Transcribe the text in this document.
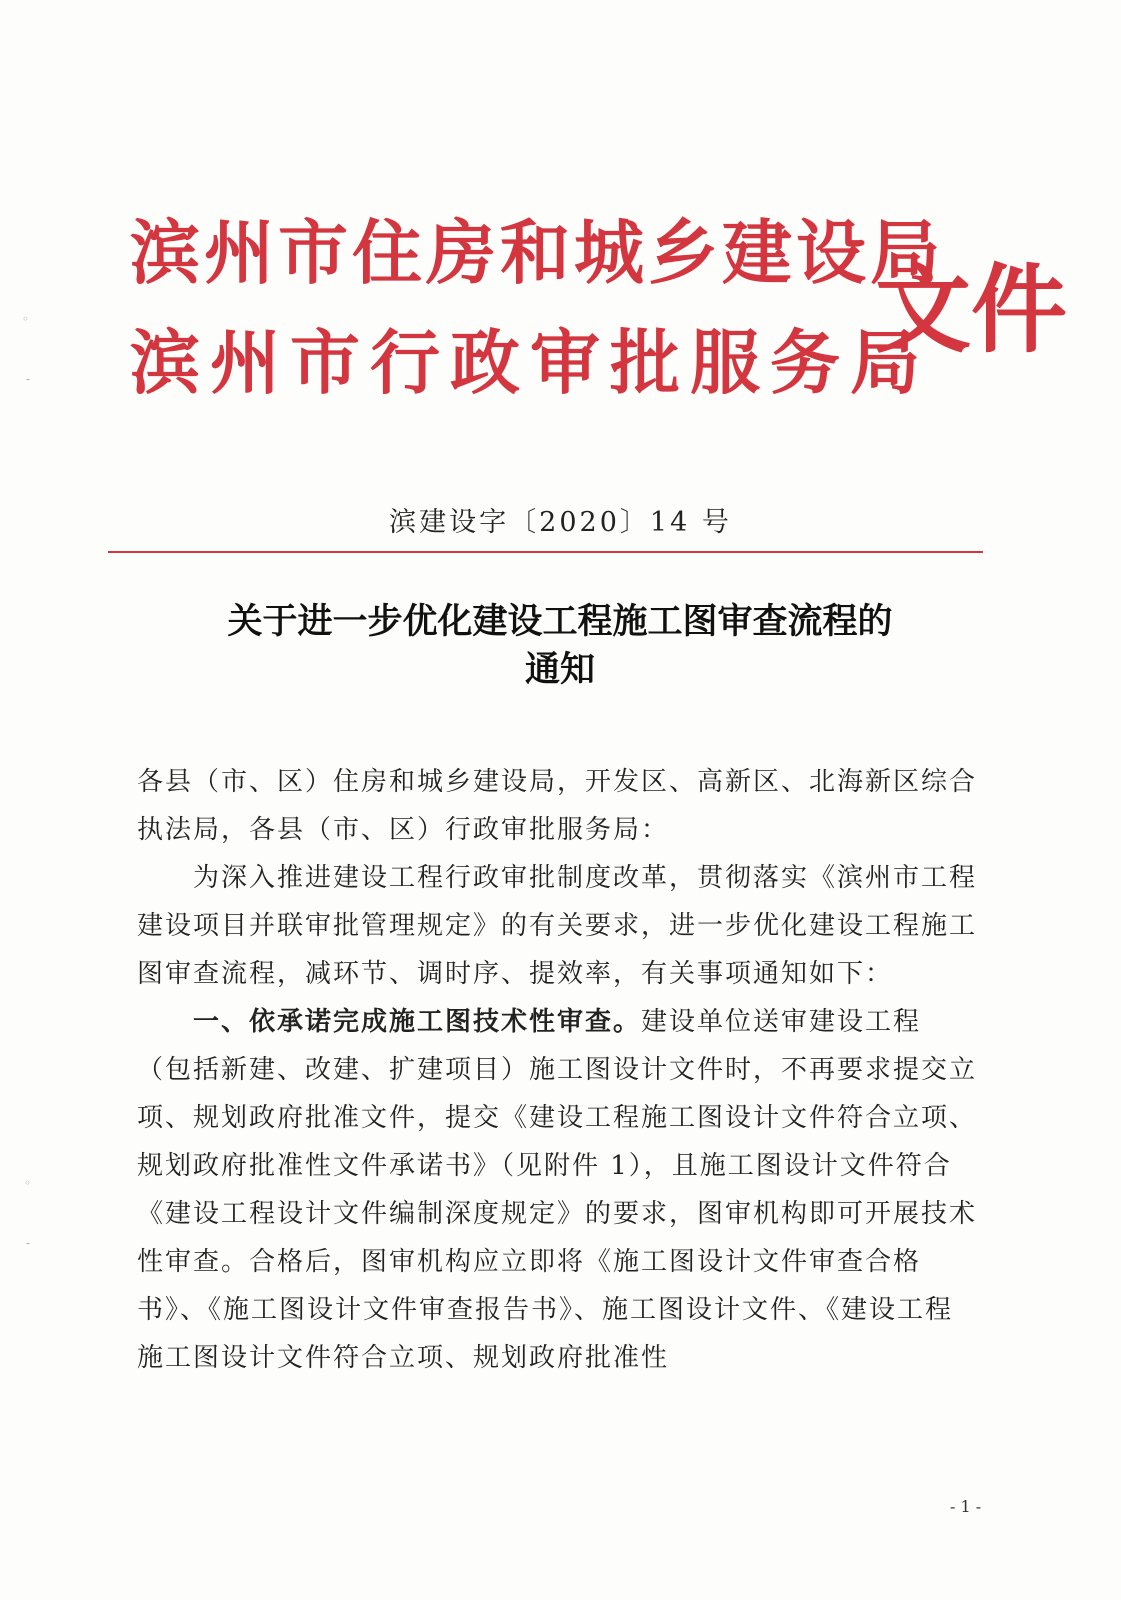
滨州市住房和城乡建设局
滨州市行政审批服务局
文件
滨建设字〔2020〕14 号
关于进一步优化建设工程施工图审查流程的
通知

各县（市、区）住房和城乡建设局，开发区、高新区、北海新区综合执法局，各县（市、区）行政审批服务局：

为深入推进建设工程行政审批制度改革，贯彻落实《滨州市工程建设项目并联审批管理规定》的有关要求，进一步优化建设工程施工图审查流程，减环节、调时序、提效率，有关事项通知如下：

一、依承诺完成施工图技术性审查。建设单位送审建设工程（包括新建、改建、扩建项目）施工图设计文件时，不再要求提交立项、规划政府批准文件，提交《建设工程施工图设计文件符合立项、规划政府批准性文件承诺书》（见附件 1），且施工图设计文件符合《建设工程设计文件编制深度规定》的要求，图审机构即可开展技术性审查。合格后，图审机构应立即将《施工图设计文件审查合格书》、《施工图设计文件审查报告书》、施工图设计文件、《建设工程施工图设计文件符合立项、规划政府批准性

- 1 -
◦
-
◦
-
